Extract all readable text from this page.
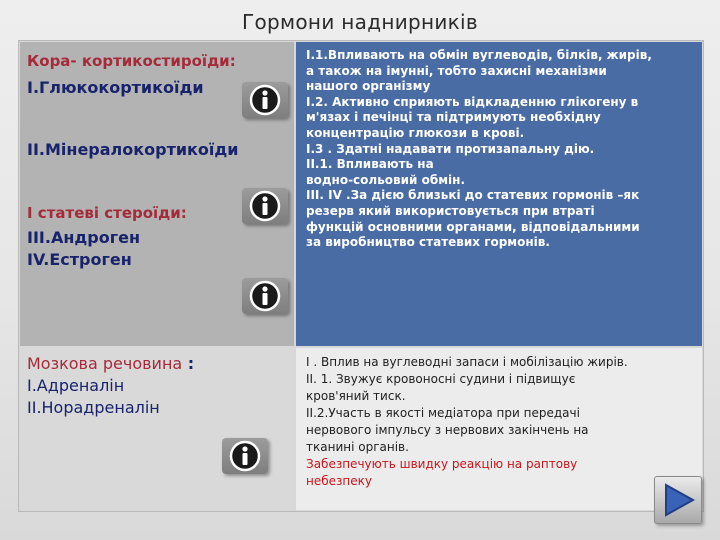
Гормони наднирників
Кора- кортикостироїди:
І.Глюкокортикоїди
ІІ.Мінералокортикоїди
І статеві стероїди:
ІІІ.Андроген
ІV.Естроген
І.1.Впливають на обмін вуглеводів, білків, жирів,
а також на імунні, тобто захисні механізми
нашого організму
І.2. Активно сприяють відкладенню глікогену в
м'язах і печінці та підтримують необхідну
концентрацію глюкози в крові.
І.3 . Здатні надавати протизапальну дію.
ІІ.1. Впливають на
водно-сольовий обмін.
ІІІ. ІV .За дією близькі до статевих гормонів –як
резерв який використовується при втраті
функцій основними органами, відповідальними
за виробництво статевих гормонів.
Мозкова речовина :
І.Адреналін
ІІ.Норадреналін
І . Вплив на вуглеводні запаси і мобілізацію жирів.
ІІ. 1. Звужує кровоносні судини і підвищує
кров'яний тиск.
ІІ.2.Участь в якості медіатора при передачі
нервового імпульсу з нервових закінчень на
тканині органів.
Забезпечують швидку реакцію на раптову
небезпеку
